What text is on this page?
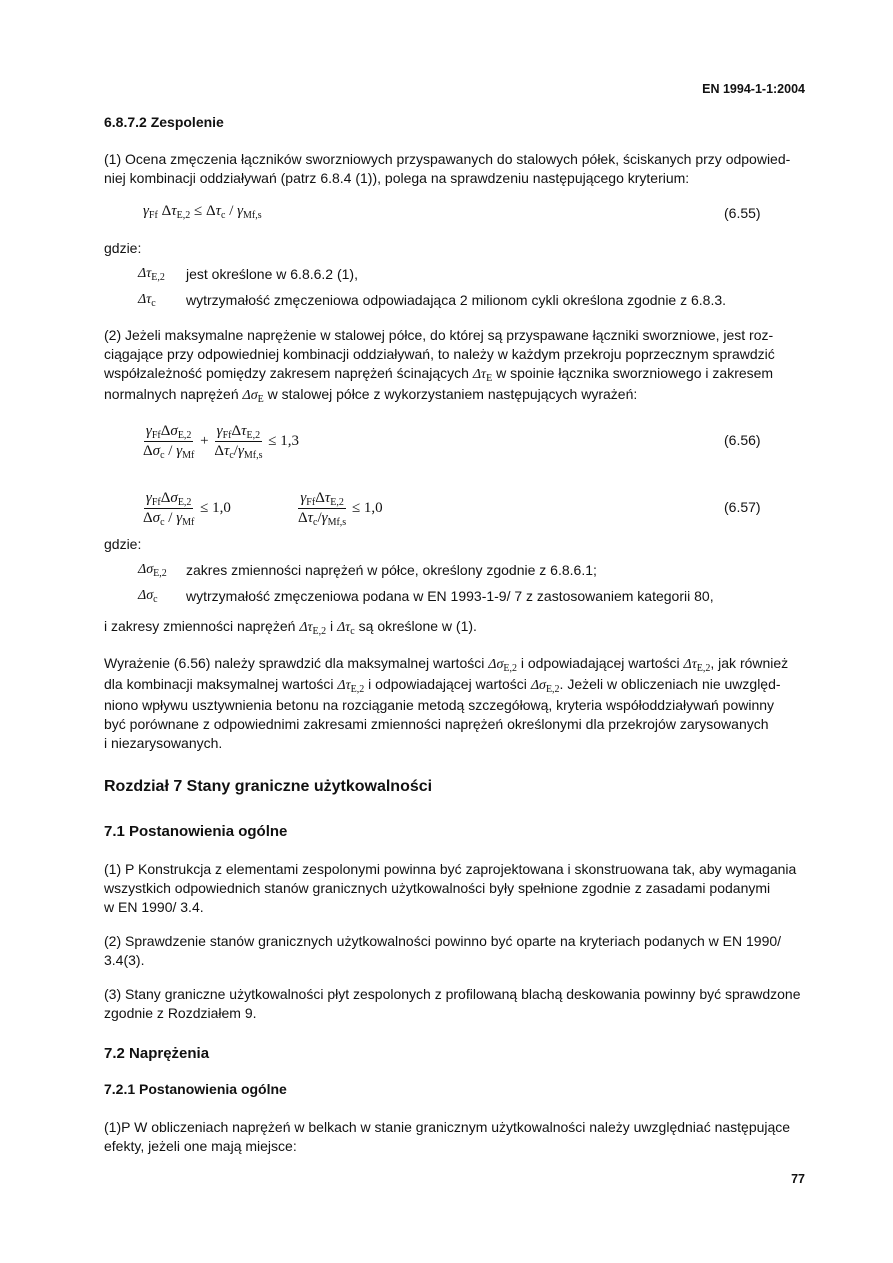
EN 1994-1-1:2004
6.8.7.2 Zespolenie
(1) Ocena zmęczenia łączników sworzniowych przyspawanych do stalowych półek, ściskanych przy odpowied-
niej kombinacji oddziaływań (patrz 6.8.4 (1)), polega na sprawdzeniu następującego kryterium:
$\gamma_{Ff}$ $\Delta\tau_{E,2} \le \Delta\tau_c / \gamma_{Mf,s}$	(6.55)
gdzie:
$\Delta\tau_{E,2}$ jest określone w 6.8.6.2 (1),
$\Delta\tau_c$ wytrzymałość zmęczeniowa odpowiadająca 2 milionom cykli określona zgodnie z 6.8.3.
(2) Jeżeli maksymalne naprężenie w stalowej półce, do której są przyspawane łączniki sworzniowe, jest roz-
ciągające przy odpowiedniej kombinacji oddziaływań, to należy w każdym przekroju poprzecznym sprawdzić
współzależność pomiędzy zakresem naprężeń ścinających $\Delta\tau_E$ w spoinie łącznika sworzniowego i zakresem
normalnych naprężeń $\Delta\sigma_E$ w stalowej półce z wykorzystaniem następujących wyrażeń:
$\frac{\gamma_{Ff}\Delta\sigma_{E,2}}{\Delta\sigma_c / \gamma_{Mf}} + \frac{\gamma_{Ff}\Delta\tau_{E,2}}{\Delta\tau_c/\gamma_{Mf,s}} \le 1,3$	(6.56)
$\frac{\gamma_{Ff}\Delta\sigma_{E,2}}{\Delta\sigma_c / \gamma_{Mf}} \le 1,0$	$\frac{\gamma_{Ff}\Delta\tau_{E,2}}{\Delta\tau_c/\gamma_{Mf,s}} \le 1,0$	(6.57)
gdzie:
$\Delta\sigma_{E,2}$ zakres zmienności naprężeń w półce, określony zgodnie z 6.8.6.1;
$\Delta\sigma_c$ wytrzymałość zmęczeniowa podana w EN 1993-1-9/ 7 z zastosowaniem kategorii 80,
i zakresy zmienności naprężeń $\Delta\tau_{E,2}$ i $\Delta\tau_c$ są określone w (1).
Wyrażenie (6.56) należy sprawdzić dla maksymalnej wartości $\Delta\sigma_{E,2}$ i odpowiadającej wartości $\Delta\tau_{E,2}$, jak również
dla kombinacji maksymalnej wartości $\Delta\tau_{E,2}$ i odpowiadającej wartości $\Delta\sigma_{E,2}$. Jeżeli w obliczeniach nie uwzględ-
niono wpływu usztywnienia betonu na rozciąganie metodą szczegółową, kryteria współoddziaływań powinny
być porównane z odpowiednimi zakresami zmienności naprężeń określonymi dla przekrojów zarysowanych
i niezarysowanych.
Rozdział 7 Stany graniczne użytkowalności
7.1 Postanowienia ogólne
(1) P Konstrukcja z elementami zespolonymi powinna być zaprojektowana i skonstruowana tak, aby wymagania
wszystkich odpowiednich stanów granicznych użytkowalności były spełnione zgodnie z zasadami podanymi
w EN 1990/ 3.4.
(2) Sprawdzenie stanów granicznych użytkowalności powinno być oparte na kryteriach podanych w EN 1990/
3.4(3).
(3) Stany graniczne użytkowalności płyt zespolonych z profilowaną blachą deskowania powinny być sprawdzone
zgodnie z Rozdziałem 9.
7.2 Naprężenia
7.2.1 Postanowienia ogólne
(1)P W obliczeniach naprężeń w belkach w stanie granicznym użytkowalności należy uwzględniać następujące
efekty, jeżeli one mają miejsce:
77
